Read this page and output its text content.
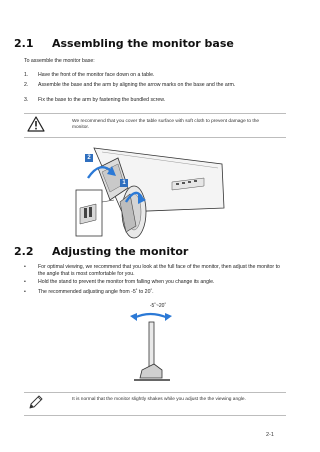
2.1 Assembling the monitor base
To assemble the monitor base:
1.	Have the front of the monitor face down on a table.
2.	Assemble the base and the arm by aligning the arrow marks on the base and the arm.
3.	Fix the base to the arm by fastening the bundled screw.
We recommend that you cover the table surface with soft cloth to prevent damage to the monitor.
2
1
2.2 Adjusting the monitor
•	For optimal viewing, we recommend that you look at the full face of the monitor, then adjust the monitor to the angle that is most comfortable for you.
•	Hold the stand to prevent the monitor from falling when you change its angle.
•	The recommended adjusting angle from -5˚ to 20˚.
-5˚~20˚
It is normal that the monitor slightly shakes while you adjust the the viewing angle.
2-1
